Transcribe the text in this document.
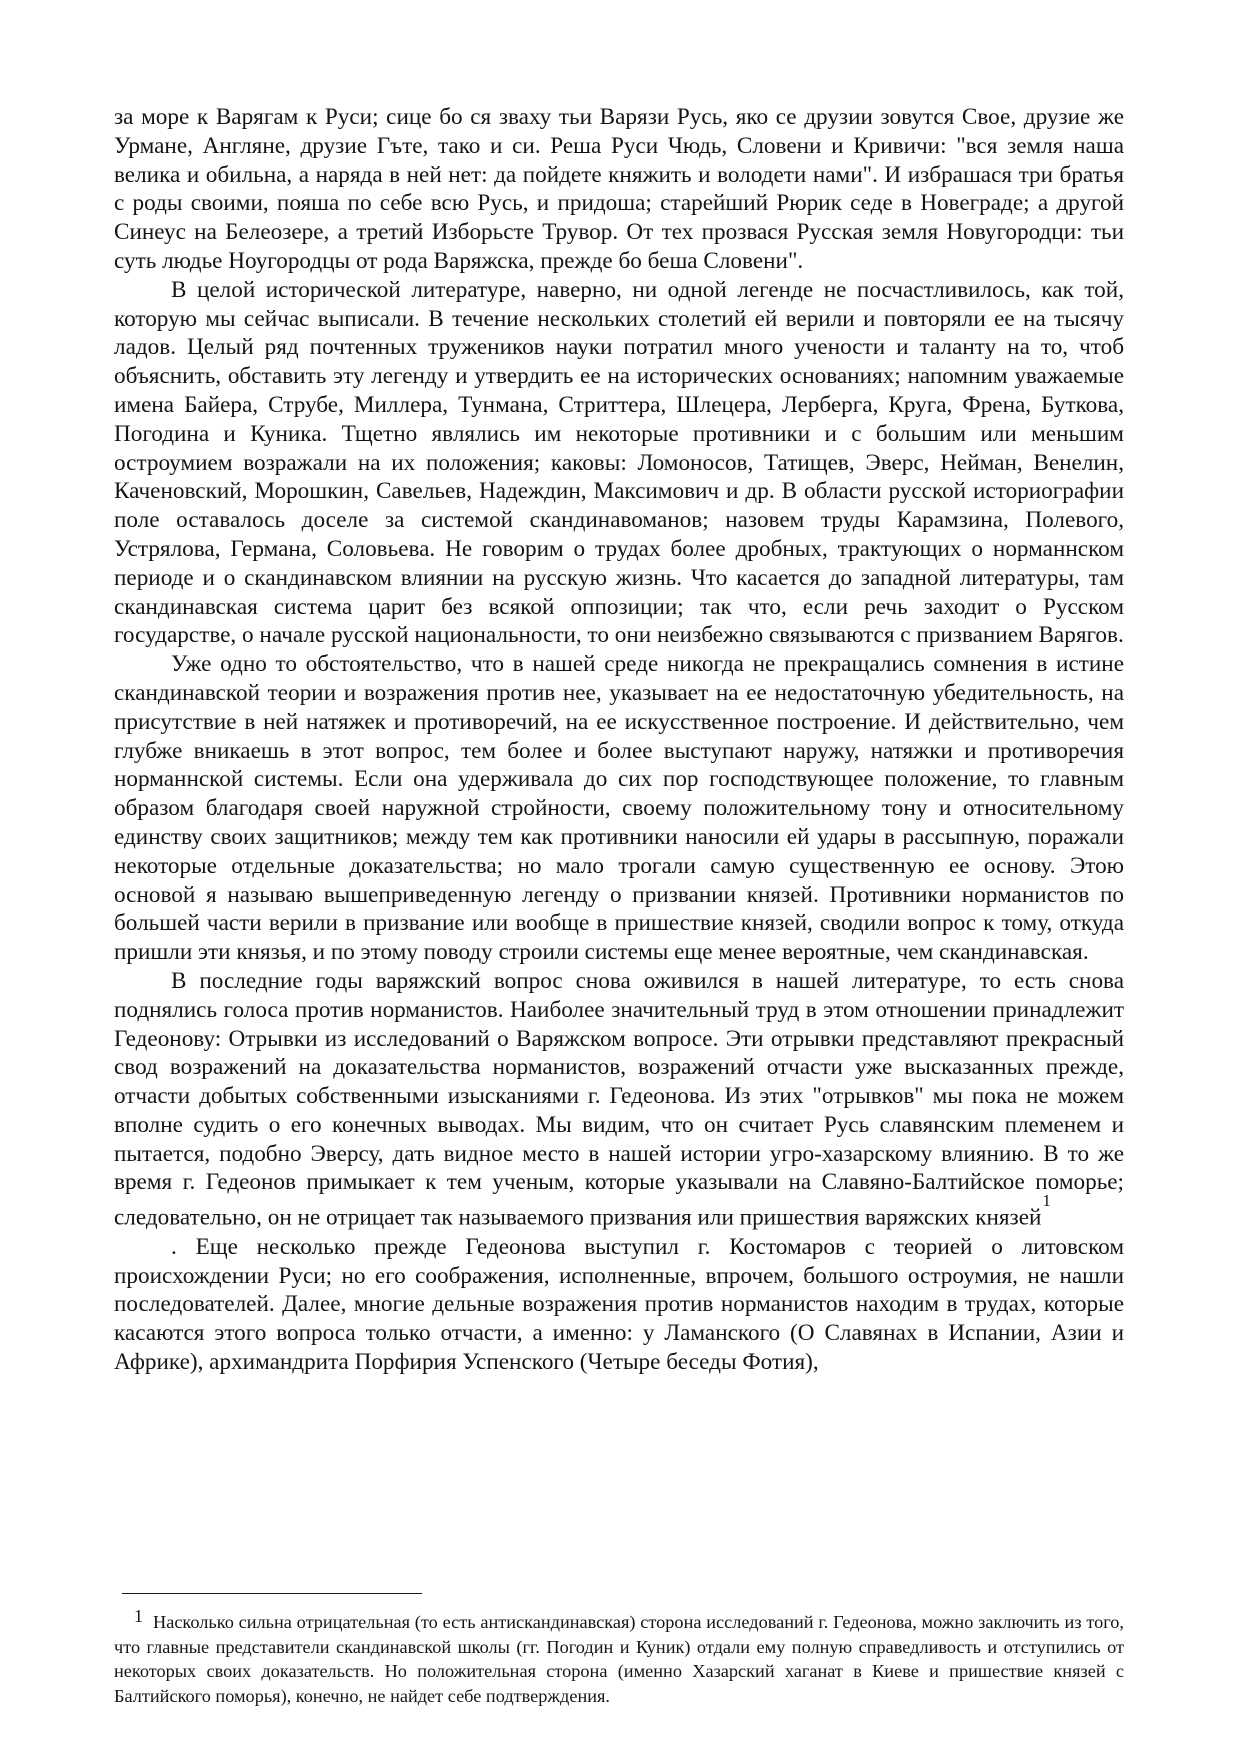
за море к Варягам к Руси; сице бо ся зваху тьи Варязи Русь, яко се друзии зовутся Свое, друзие же Урмане, Англяне, друзие Гъте, тако и си. Реша Руси Чюдь, Словени и Кривичи: "вся земля наша велика и обильна, а наряда в ней нет: да пойдете княжить и володети нами". И избрашася три братья с роды своими, пояша по себе всю Русь, и придоша; старейший Рюрик седе в Новеграде; а другой Синеус на Белеозере, а третий Изборьсте Трувор. От тех прозвася Русская земля Новугородци: тьи суть людье Ноугородцы от рода Варяжска, прежде бо беша Словени".

В целой исторической литературе, наверно, ни одной легенде не посчастливилось, как той, которую мы сейчас выписали. В течение нескольких столетий ей верили и повторяли ее на тысячу ладов. Целый ряд почтенных тружеников науки потратил много учености и таланту на то, чтоб объяснить, обставить эту легенду и утвердить ее на исторических основаниях; напомним уважаемые имена Байера, Струбе, Миллера, Тунмана, Стриттера, Шлецера, Лерберга, Круга, Френа, Буткова, Погодина и Куника. Тщетно являлись им некоторые противники и с большим или меньшим остроумием возражали на их положения; каковы: Ломоносов, Татищев, Эверс, Нейман, Венелин, Каченовский, Морошкин, Савельев, Надеждин, Максимович и др. В области русской историографии поле оставалось доселе за системой скандинавоманов; назовем труды Карамзина, Полевого, Устрялова, Германа, Соловьева. Не говорим о трудах более дробных, трактующих о норманнском периоде и о скандинавском влиянии на русскую жизнь. Что касается до западной литературы, там скандинавская система царит без всякой оппозиции; так что, если речь заходит о Русском государстве, о начале русской национальности, то они неизбежно связываются с призванием Варягов.

Уже одно то обстоятельство, что в нашей среде никогда не прекращались сомнения в истине скандинавской теории и возражения против нее, указывает на ее недостаточную убедительность, на присутствие в ней натяжек и противоречий, на ее искусственное построение. И действительно, чем глубже вникаешь в этот вопрос, тем более и более выступают наружу, натяжки и противоречия норманнской системы. Если она удерживала до сих пор господствующее положение, то главным образом благодаря своей наружной стройности, своему положительному тону и относительному единству своих защитников; между тем как противники наносили ей удары в рассыпную, поражали некоторые отдельные доказательства; но мало трогали самую существенную ее основу. Этою основой я называю вышеприведенную легенду о призвании князей. Противники норманистов по большей части верили в призвание или вообще в пришествие князей, сводили вопрос к тому, откуда пришли эти князья, и по этому поводу строили системы еще менее вероятные, чем скандинавская.

В последние годы варяжский вопрос снова оживился в нашей литературе, то есть снова поднялись голоса против норманистов. Наиболее значительный труд в этом отношении принадлежит Гедеонову: Отрывки из исследований о Варяжском вопросе. Эти отрывки представляют прекрасный свод возражений на доказательства норманистов, возражений отчасти уже высказанных прежде, отчасти добытых собственными изысканиями г. Гедеонова. Из этих "отрывков" мы пока не можем вполне судить о его конечных выводах. Мы видим, что он считает Русь славянским племенем и пытается, подобно Эверсу, дать видное место в нашей истории угро-хазарскому влиянию. В то же время г. Гедеонов примыкает к тем ученым, которые указывали на Славяно-Балтийское поморье; следовательно, он не отрицает так называемого призвания или пришествия варяжских князей$^1$

. Еще несколько прежде Гедеонова выступил г. Костомаров с теорией о литовском происхождении Руси; но его соображения, исполненные, впрочем, большого остроумия, не нашли последователей. Далее, многие дельные возражения против норманистов находим в трудах, которые касаются этого вопроса только отчасти, а именно: у Ламанского (О Славянах в Испании, Азии и Африке), архимандрита Порфирия Успенского (Четыре беседы Фотия),

1 Насколько сильна отрицательная (то есть антискандинавская) сторона исследований г. Гедеонова, можно заключить из того, что главные представители скандинавской школы (гг. Погодин и Куник) отдали ему полную справедливость и отступились от некоторых своих доказательств. Но положительная сторона (именно Хазарский хаганат в Киеве и пришествие князей с Балтийского поморья), конечно, не найдет себе подтверждения.
